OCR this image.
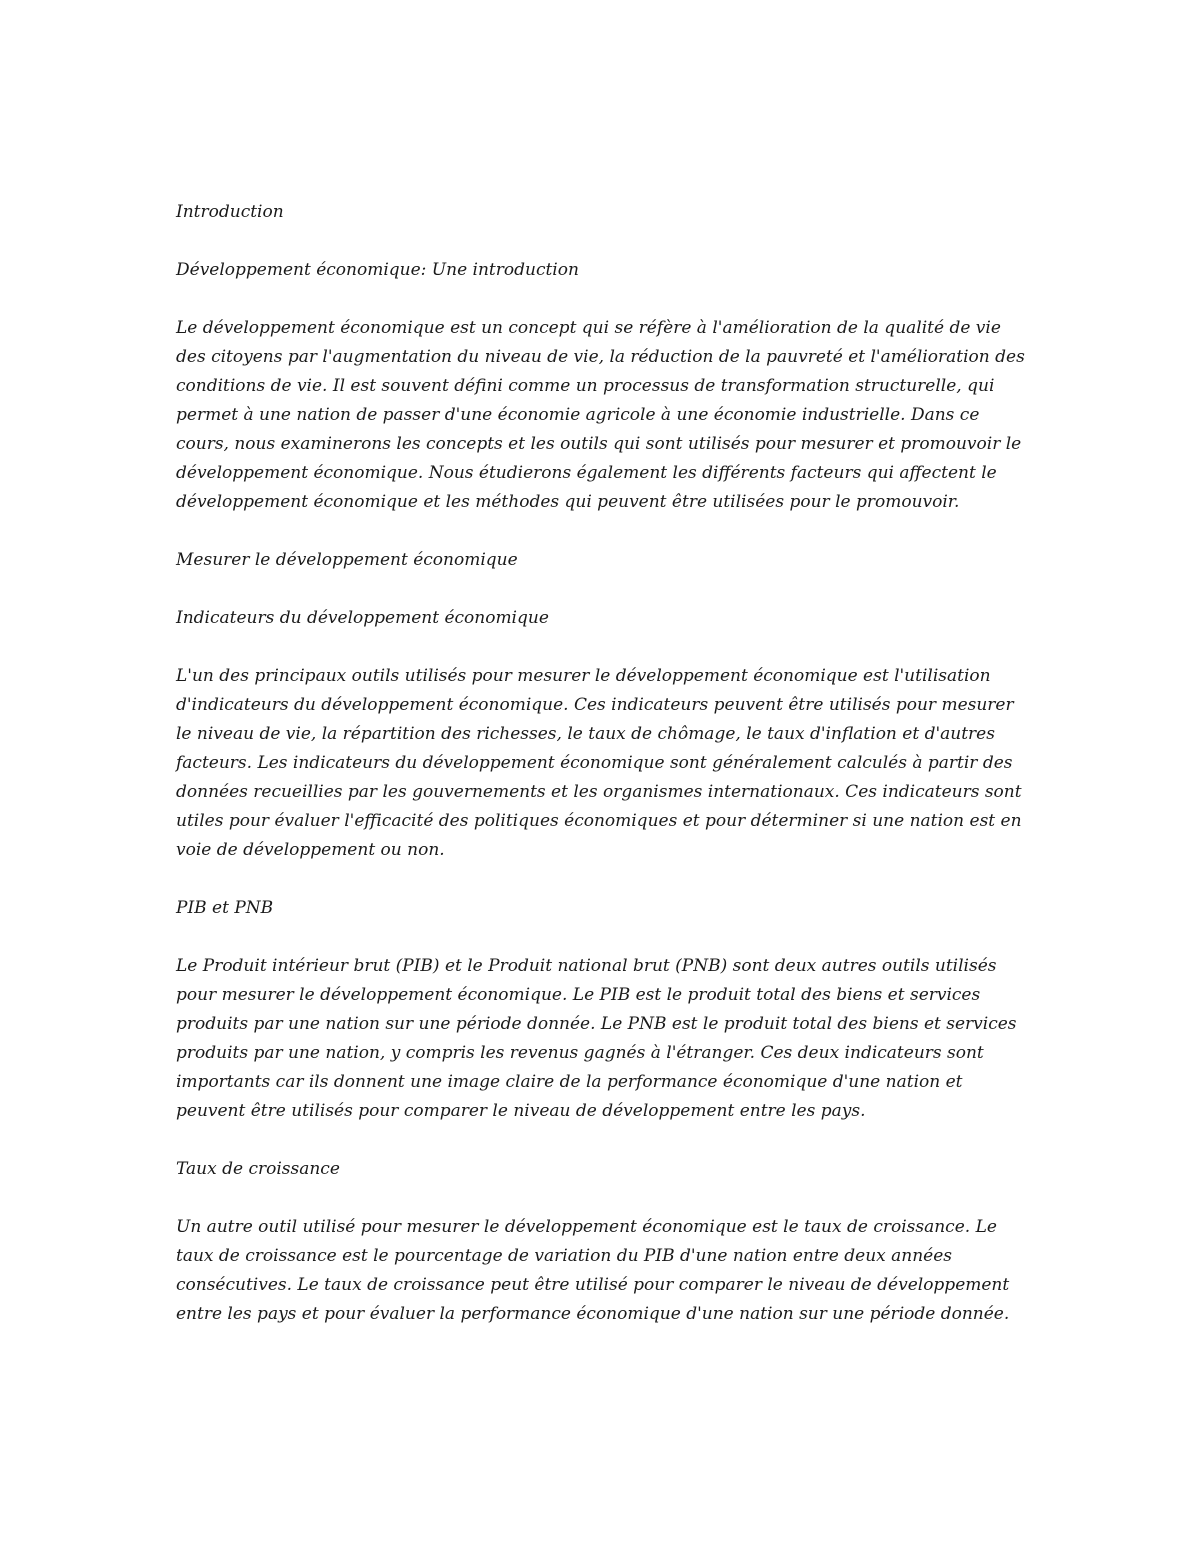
Introduction

Développement économique: Une introduction

Le développement économique est un concept qui se réfère à l'amélioration de la qualité de vie des citoyens par l'augmentation du niveau de vie, la réduction de la pauvreté et l'amélioration des conditions de vie. Il est souvent défini comme un processus de transformation structurelle, qui permet à une nation de passer d'une économie agricole à une économie industrielle. Dans ce cours, nous examinerons les concepts et les outils qui sont utilisés pour mesurer et promouvoir le développement économique. Nous étudierons également les différents facteurs qui affectent le développement économique et les méthodes qui peuvent être utilisées pour le promouvoir.

Mesurer le développement économique

Indicateurs du développement économique

L'un des principaux outils utilisés pour mesurer le développement économique est l'utilisation d'indicateurs du développement économique. Ces indicateurs peuvent être utilisés pour mesurer le niveau de vie, la répartition des richesses, le taux de chômage, le taux d'inflation et d'autres facteurs. Les indicateurs du développement économique sont généralement calculés à partir des données recueillies par les gouvernements et les organismes internationaux. Ces indicateurs sont utiles pour évaluer l'efficacité des politiques économiques et pour déterminer si une nation est en voie de développement ou non.

PIB et PNB

Le Produit intérieur brut (PIB) et le Produit national brut (PNB) sont deux autres outils utilisés pour mesurer le développement économique. Le PIB est le produit total des biens et services produits par une nation sur une période donnée. Le PNB est le produit total des biens et services produits par une nation, y compris les revenus gagnés à l'étranger. Ces deux indicateurs sont importants car ils donnent une image claire de la performance économique d'une nation et peuvent être utilisés pour comparer le niveau de développement entre les pays.

Taux de croissance

Un autre outil utilisé pour mesurer le développement économique est le taux de croissance. Le taux de croissance est le pourcentage de variation du PIB d'une nation entre deux années consécutives. Le taux de croissance peut être utilisé pour comparer le niveau de développement entre les pays et pour évaluer la performance économique d'une nation sur une période donnée.
